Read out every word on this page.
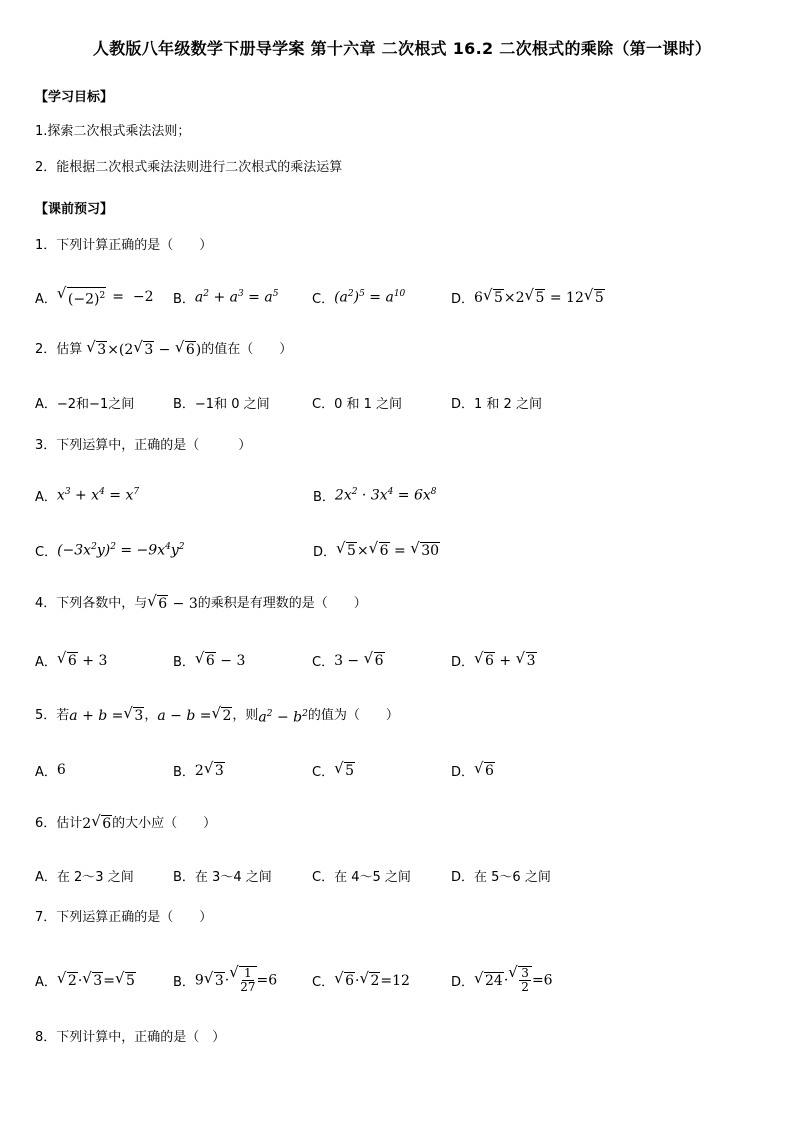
人教版八年级数学下册导学案 第十六章 二次根式 16.2 二次根式的乘除（第一课时）
【学习目标】
1.探索二次根式乘法法则；
2．能根据二次根式乘法法则进行二次根式的乘法运算
【课前预习】
1．下列计算正确的是（　　）
A． √ $(-2)^2 = -2$ B． $a^2 + a^3 = a^5$	C． $(a^2)^5 = a^{10}$	D． 6 √ 5×2 √ 5 = 12 √ 5
2．估算	√ 3×(2 √ 3 − √ 6) 的值在（　　）
A．−2和−1之间	B．−1和 0 之间	C．0 和 1 之间	D．1 和 2 之间
3．下列运算中，正确的是（　　　）
A． $x^3 + x^4 = x^7$	B． $2x^2 \cdot 3x^4 = 6x^8$
C． $(-3x^2y)^2 = -9x^4y^2$	D． √ 5× √ 6 = √ 30
4．下列各数中，与 √ 6 − 3 的乘积是有理数的是（　　）
A． √ 6 + 3	B． √ 6 − 3	C． 3 − √ 6	D． √ 6 + √ 3
5．若 a + b = √ 3 ， a − b = √ 2 ，则 $a^2 - b^2$ 的值为（　　）
A． 6	B． 2 √ 3	C． √ 5	D． √ 6
6．估计 2 √ 6 的大小应（　　）
A．在 2～3 之间	B．在 3～4 之间	C．在 4～5 之间	D．在 5～6 之间
7．下列运算正确的是（　　）
A． √ 2· √ 3= √ 5	B． 9 √ 3· √ $\frac{1}{27} =6$	C． √ 6· √ 2=12	D． √ 24· √ $\frac{3}{2} =6$
8．下列计算中，正确的是（　）
